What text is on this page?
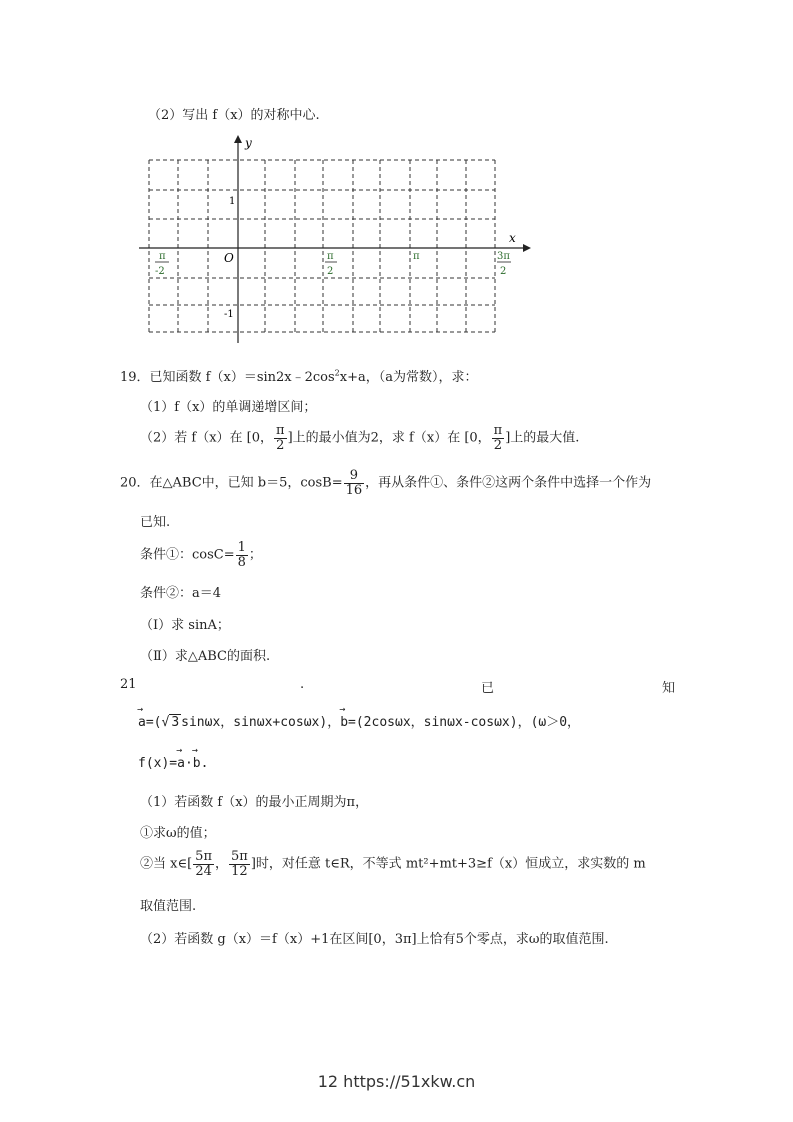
（2）写出 f（x）的对称中心.
y
x
O
1
-1
π
-2
π
2
π	3π
2
19．已知函数 $f(x)=\sin 2x﹣2\cos^2x+a$，（a为常数），求：
（1）f（x）的单调递增区间；
（2）若 f（x）在 [0， $\frac{\pi}{2}$ ]上的最小值为2，求 f（x）在 [0， $\frac{\pi}{2}$ ]上的最大值.
20．在△ABC中，已知 b＝5，$\cos B= \frac{9}{16}$ ，再从条件①、条件②这两个条件中选择一个作为
已知.
条件①：$\cos C= \frac{1}{8}$ ；
条件②：a＝4
（Ⅰ）求 sinA；
（Ⅱ）求△ABC的面积.
21	.	已	知
→ a=(√ 3 sinωx，sinωx+cosωx)，→ b=(2cosωx，sinωx-cosωx)，(ω＞0，
f(x)=→ a·→ b.
（1）若函数 f（x）的最小正周期为π，
①求ω的值；
②当 x∈[ $\frac{5\pi}{24}$ ， $\frac{5\pi}{12}$ ]时，对任意 t∈R，不等式 mt²+mt+3≥f（x）恒成立，求实数的 m
取值范围.
（2）若函数 g（x）＝f（x）+1在区间[0，3π]上恰有5个零点，求ω的取值范围.
12 https://51xkw.cn
